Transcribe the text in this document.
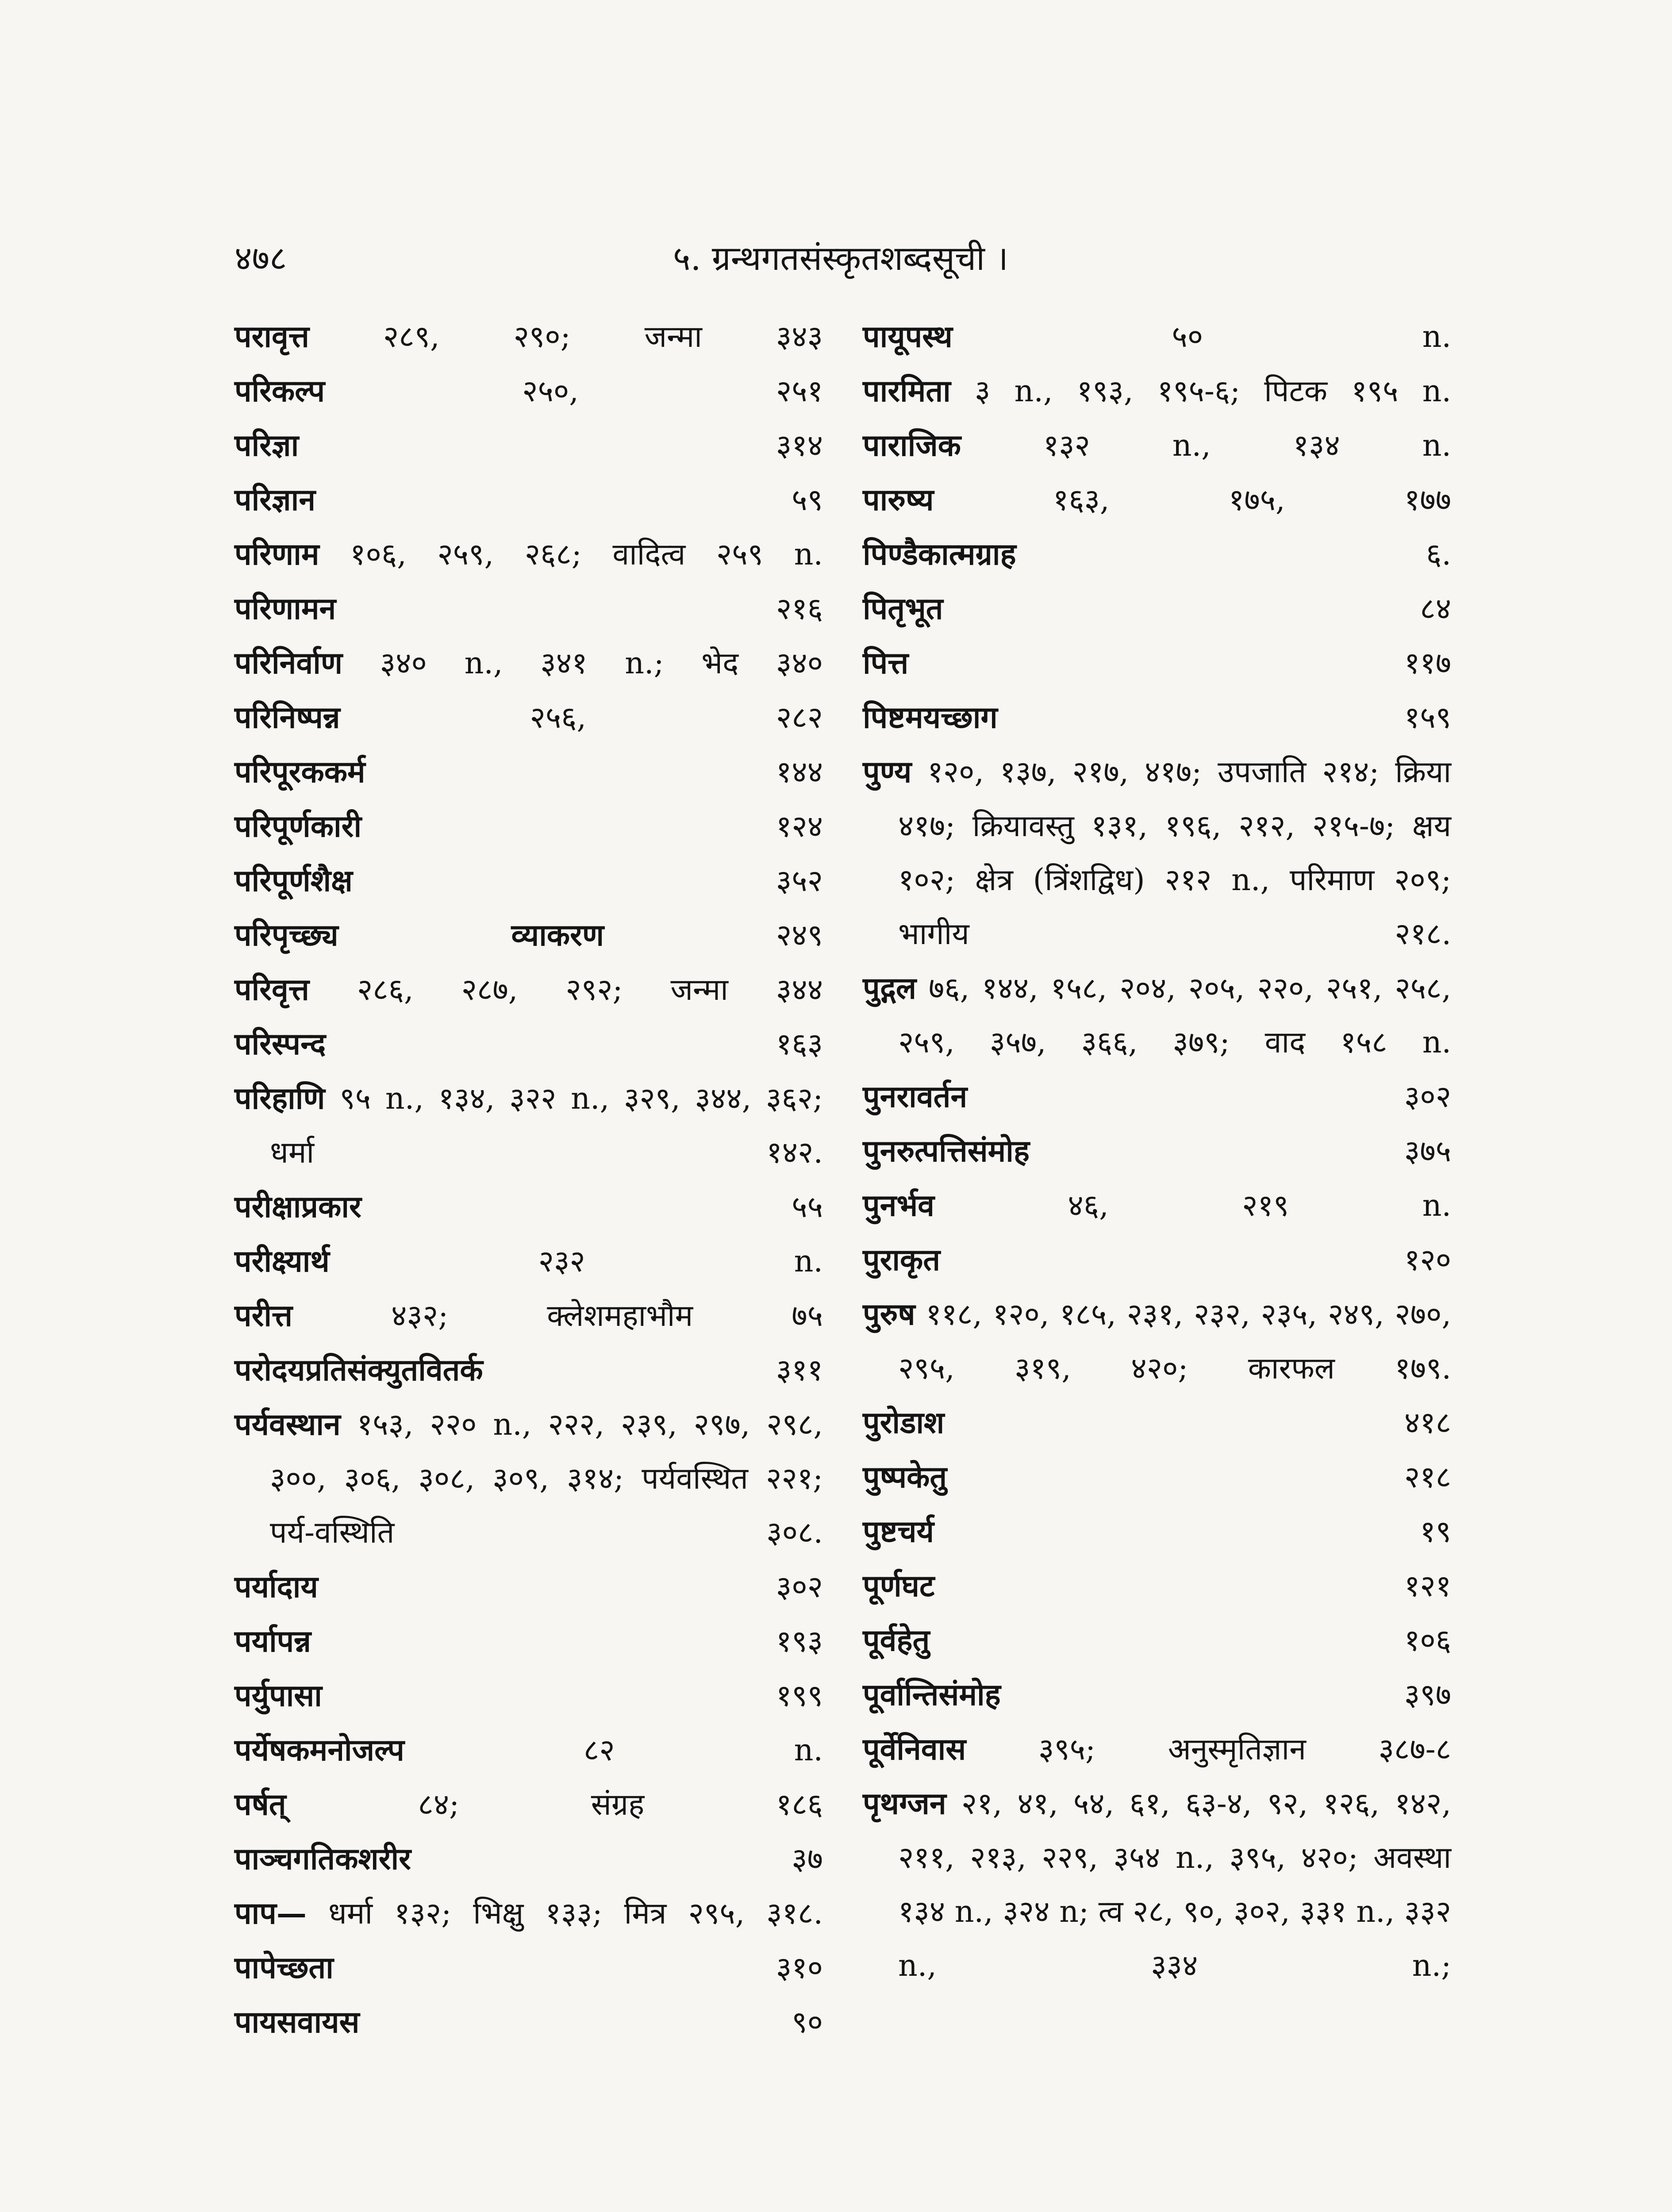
४७८	५. ग्रन्थगतसंस्कृतशब्दसूची ।
परावृत्त २८९, २९०; जन्मा ३४३
परिकल्प	२५०, २५१
परिज्ञा	३१४
परिज्ञान	५९
परिणाम १०६, २५९, २६८; वादित्व २५९ n.
परिणामन	२१६
परिनिर्वाण ३४० n., ३४१ n.; भेद ३४०
परिनिष्पन्न	२५६, २८२
परिपूरककर्म	१४४
परिपूर्णकारी	१२४
परिपूर्णशैक्ष	३५२
परिपृच्छ्य व्याकरण	२४९
परिवृत्त २८६, २८७, २९२; जन्मा ३४४
परिस्पन्द	१६३
परिहाणि ९५ n., १३४, ३२२ n., ३२९, ३४४, ३६२; धर्मा १४२.
परीक्षाप्रकार	५५
परीक्ष्यार्थ	२३२ n.
परीत्त	४३२; क्लेशमहाभौम ७५
परोदयप्रतिसंक्युतवितर्क	३११
पर्यवस्थान १५३, २२० n., २२२, २३९, २९७, २९८, ३००, ३०६, ३०८, ३०९, ३१४; पर्यवस्थित २२१; पर्य-वस्थिति ३०८.
पर्यादाय	३०२
पर्यापन्न	१९३
पर्युपासा	१९९
पर्येषकमनोजल्प	८२ n.
पर्षत्	८४; संग्रह १८६
पाञ्चगतिकशरीर	३७
पाप— धर्मा १३२; भिक्षु १३३; मित्र २९५, ३१८.
पापेच्छता	३१०
पायसवायस	९०
पायूपस्थ	५० n.
पारमिता ३ n., १९३, १९५-६; पिटक १९५ n.
पाराजिक	१३२ n., १३४ n.
पारुष्य	१६३, १७५, १७७
पिण्डैकात्मग्राह	६.
पितृभूत	८४
पित्त	११७
पिष्टमयच्छाग	१५९
पुण्य १२०, १३७, २१७, ४१७; उपजाति २१४; क्रिया ४१७; क्रियावस्तु १३१, १९६, २१२, २१५-७; क्षय १०२; क्षेत्र (त्रिंशद्विध) २१२ n., परिमाण २०९; भागीय २१८.
पुद्गल ७६, १४४, १५८, २०४, २०५, २२०, २५१, २५८, २५९, ३५७, ३६६, ३७९; वाद १५८ n.
पुनरावर्तन	३०२
पुनरुत्पत्तिसंमोह	३७५
पुनर्भव	४६, २१९ n.
पुराकृत	१२०
पुरुष ११८, १२०, १८५, २३१, २३२, २३५, २४९, २७०, २९५, ३१९, ४२०; कारफल १७९.
पुरोडाश	४१८
पुष्पकेतु	२१८
पुष्टचर्य	१९
पूर्णघट	१२१
पूर्वहेतु	१०६
पूर्वान्तिसंमोह	३९७
पूर्वेनिवास ३९५; अनुस्मृतिज्ञान ३८७-८
पृथग्जन २१, ४१, ५४, ६१, ६३-४, ९२, १२६, १४२, २११, २१३, २२९, ३५४ n., ३९५, ४२०; अवस्था १३४ n., ३२४ n; त्व २८, ९०, ३०२, ३३१ n., ३३२ n., ३३४ n.;
